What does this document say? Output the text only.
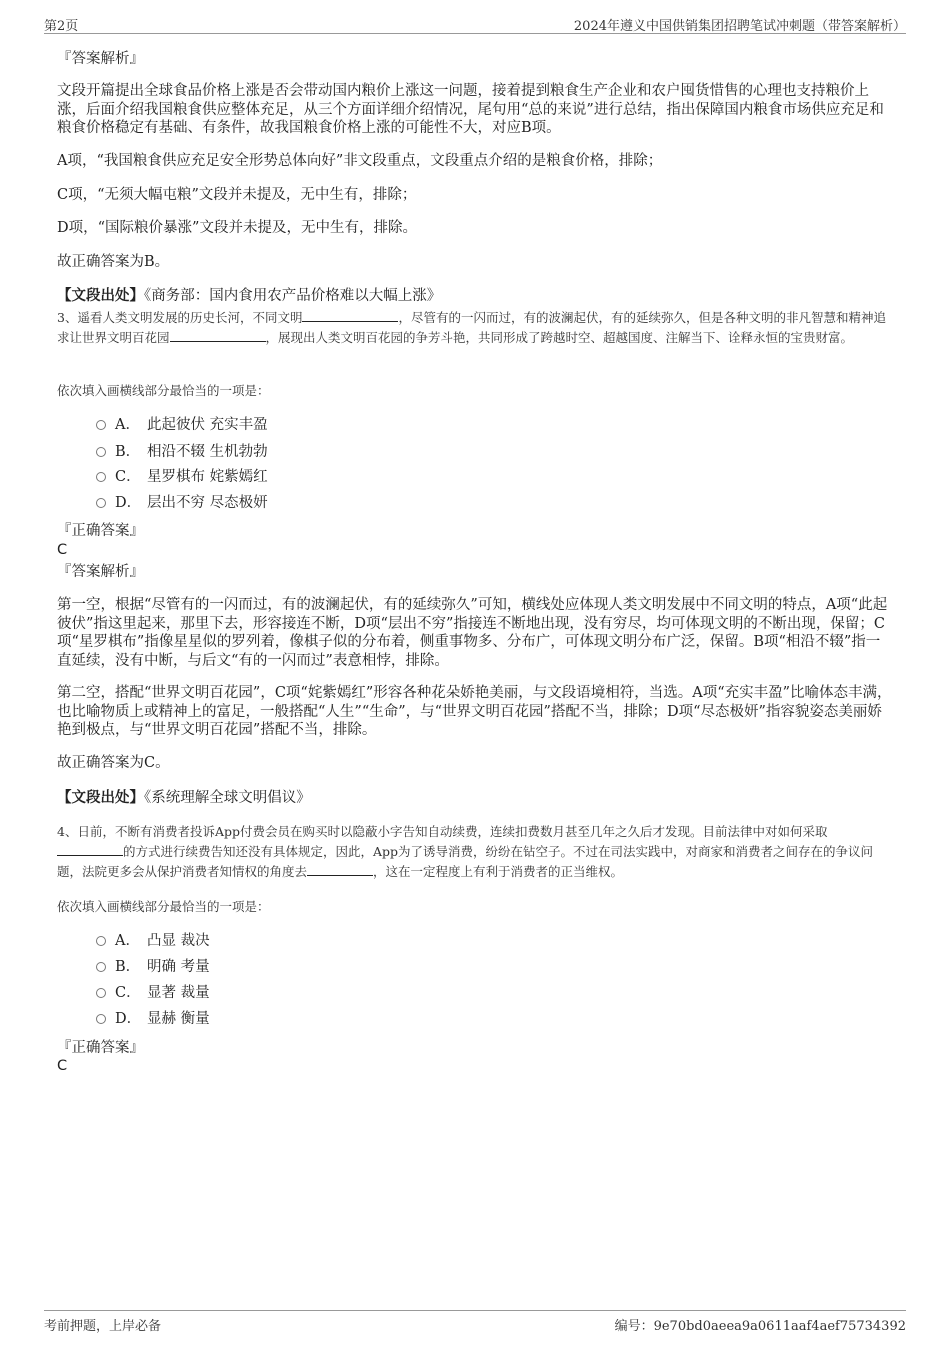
第2页	2024年遵义中国供销集团招聘笔试冲刺题（带答案解析）
『答案解析』
文段开篇提出全球食品价格上涨是否会带动国内粮价上涨这一问题，接着提到粮食生产企业和农户囤货惜售的心理也支持粮价上涨，后面介绍我国粮食供应整体充足，从三个方面详细介绍情况，尾句用“总的来说”进行总结，指出保障国内粮食市场供应充足和粮食价格稳定有基础、有条件，故我国粮食价格上涨的可能性不大，对应B项。
A项，“我国粮食供应充足安全形势总体向好”非文段重点，文段重点介绍的是粮食价格，排除；
C项，“无须大幅屯粮”文段并未提及，无中生有，排除；
D项，“国际粮价暴涨”文段并未提及，无中生有，排除。
故正确答案为B。
【文段出处】《商务部：国内食用农产品价格难以大幅上涨》
3、遥看人类文明发展的历史长河，不同文明	，尽管有的一闪而过，有的波澜起伏，有的延续弥久，但是各种文明的非凡智慧和精神追求让世界文明百花园	，展现出人类文明百花园的争芳斗艳，共同形成了跨越时空、超越国度、注解当下、诠释永恒的宝贵财富。
依次填入画横线部分最恰当的一项是：
A． 此起彼伏 充实丰盈
B． 相沿不辍 生机勃勃
C． 星罗棋布 姹紫嫣红
D． 层出不穷 尽态极妍
『正确答案』
C
『答案解析』
第一空，根据“尽管有的一闪而过，有的波澜起伏，有的延续弥久”可知，横线处应体现人类文明发展中不同文明的特点，A项“此起彼伏”指这里起来，那里下去，形容接连不断，D项“层出不穷”指接连不断地出现，没有穷尽，均可体现文明的不断出现，保留；C项“星罗棋布”指像星星似的罗列着，像棋子似的分布着，侧重事物多、分布广，可体现文明分布广泛，保留。B项“相沿不辍”指一直延续，没有中断，与后文“有的一闪而过”表意相悖，排除。
第二空，搭配“世界文明百花园”，C项“姹紫嫣红”形容各种花朵娇艳美丽，与文段语境相符，当选。A项“充实丰盈”比喻体态丰满，也比喻物质上或精神上的富足，一般搭配“人生”“生命”，与“世界文明百花园”搭配不当，排除；D项“尽态极妍”指容貌姿态美丽娇艳到极点，与“世界文明百花园”搭配不当，排除。
故正确答案为C。
【文段出处】《系统理解全球文明倡议》
4、日前，不断有消费者投诉App付费会员在购买时以隐蔽小字告知自动续费，连续扣费数月甚至几年之久后才发现。目前法律中对如何采取的方式进行续费告知还没有具体规定，因此，App为了诱导消费，纷纷在钻空子。不过在司法实践中，对商家和消费者之间存在的争议问题，法院更多会从保护消费者知情权的角度去	，这在一定程度上有利于消费者的正当维权。
依次填入画横线部分最恰当的一项是：
A． 凸显 裁决
B． 明确 考量
C． 显著 裁量
D． 显赫 衡量
『正确答案』
C
考前押题，上岸必备	编号：9e70bd0aeea9a0611aaf4aef75734392
